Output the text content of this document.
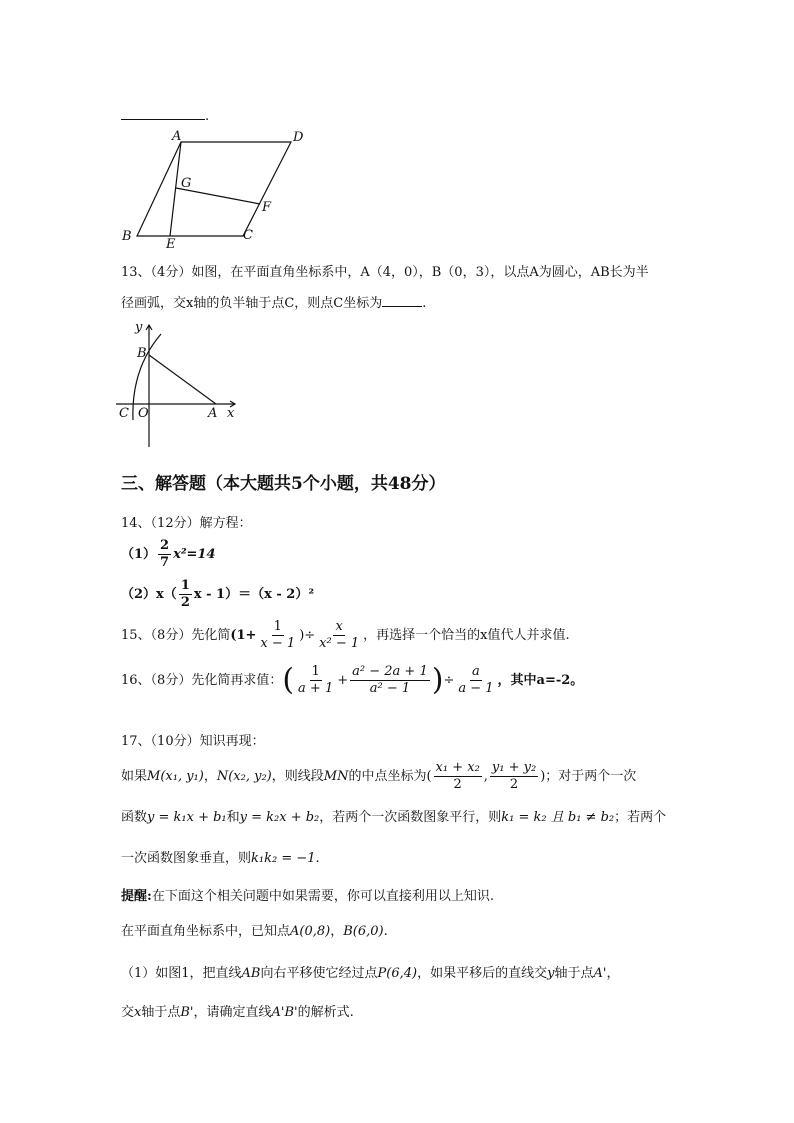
.
A	D
G
F
B
E
C
13、（4分）如图，在平面直角坐标系中，A（4，0），B（0，3），以点A为圆心，AB长为半
径画弧，交x轴的负半轴于点C，则点C坐标为	.
y
B
C O	A x
三、解答题（本大题共5个小题，共48分）
14、（12分）解方程：
$(1) \frac{2}{7} x^2=14$
$(2)x( \frac{1}{2}$ x - 1）＝（x - 2）²
15、（8分）先化简($1+ \frac{1}{x - 1}$ )÷ $\frac{x}{\text{x² − 1}}$ ，再选择一个恰当的x值代人并求值.
16、（8分）先化简再求值：( $\frac{1}{a + 1} + \frac{\text{a² − 2a + 1}}{\text{a² − 1}}$ )÷ $\frac{a}{a - 1}$ ，其中a=-2。
17、（10分）知识再现：
如果M(x₁, y₁)，N(x₂, y₂)，则线段MN的中点坐标为( $\frac{\text{x₁ + x₂}}{2}$ , $\frac{\text{y₁ + y₂}}{2}$ )；对于两个一次
函数y = k₁x + b₁和y = k₂x + b₂，若两个一次函数图象平行，则k₁ = k₂ 且 b₁ ≠ b₂；若两个
一次函数图象垂直，则k₁k₂ = −1.
提醒:在下面这个相关问题中如果需要，你可以直接利用以上知识.
在平面直角坐标系中，已知点A(0,8)，B(6,0).
（1）如图1，把直线AB向右平移使它经过点P(6,4)，如果平移后的直线交y轴于点A'，
交x轴于点B'，请确定直线A'B'的解析式.
